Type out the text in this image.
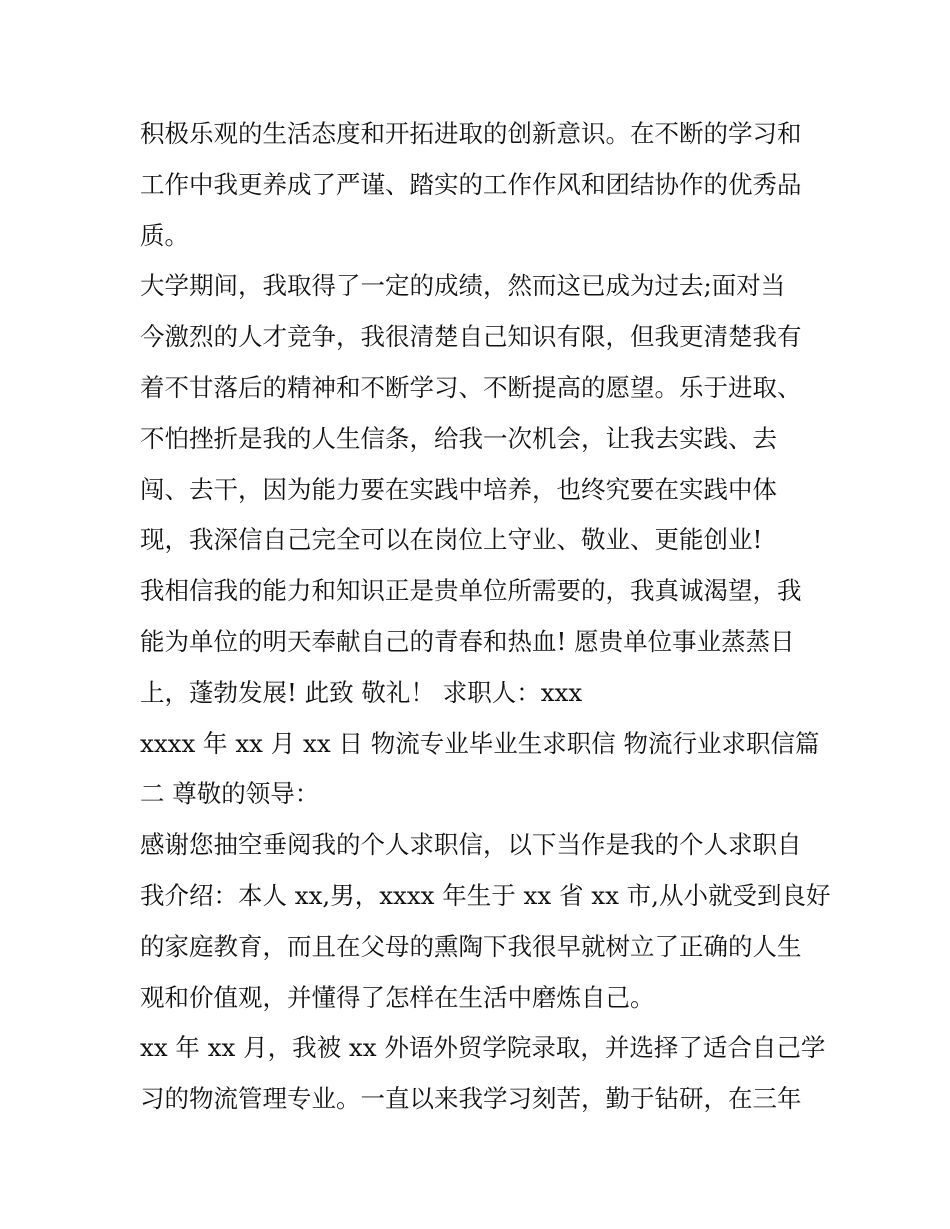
积极乐观的生活态度和开拓进取的创新意识。在不断的学习和
工作中我更养成了严谨、踏实的工作作风和团结协作的优秀品
质。
大学期间，我取得了一定的成绩，然而这已成为过去;面对当
今激烈的人才竞争，我很清楚自己知识有限，但我更清楚我有
着不甘落后的精神和不断学习、不断提高的愿望。乐于进取、
不怕挫折是我的人生信条，给我一次机会，让我去实践、去
闯、去干，因为能力要在实践中培养，也终究要在实践中体
现，我深信自己完全可以在岗位上守业、敬业、更能创业!
我相信我的能力和知识正是贵单位所需要的，我真诚渴望，我
能为单位的明天奉献自己的青春和热血! 愿贵单位事业蒸蒸日
上，蓬勃发展! 此致 敬礼！ 求职人：xxx
xxxx 年 xx 月 xx 日 物流专业毕业生求职信 物流行业求职信篇
二 尊敬的领导：
感谢您抽空垂阅我的个人求职信，以下当作是我的个人求职自
我介绍：本人 xx,男，xxxx 年生于 xx 省 xx 市,从小就受到良好
的家庭教育，而且在父母的熏陶下我很早就树立了正确的人生
观和价值观，并懂得了怎样在生活中磨炼自己。
xx 年 xx 月，我被 xx 外语外贸学院录取，并选择了适合自己学
习的物流管理专业。一直以来我学习刻苦，勤于钻研，在三年
